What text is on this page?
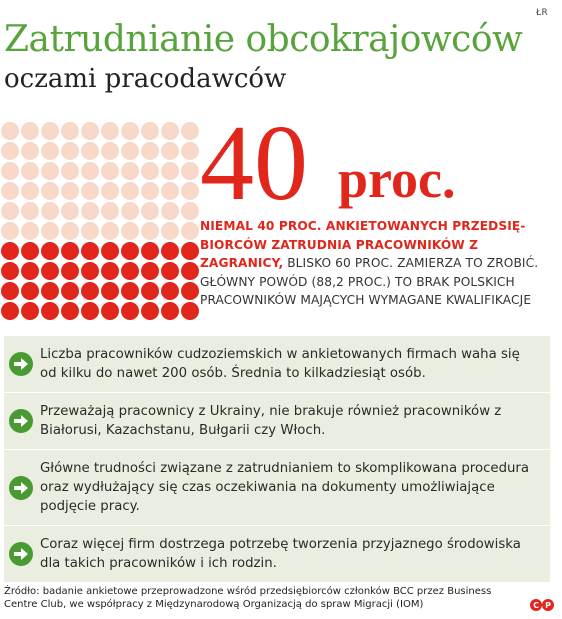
ŁR
Zatrudnianie obcokrajowców
oczami pracodawców
40 proc.
NIEMAL 40 PROC. ANKIETOWANYCH PRZEDSIĘ-BIORCÓW ZATRUDNIA PRACOWNIKÓW Z ZAGRANICY, BLISKO 60 PROC. ZAMIERZA TO ZROBIĆ. GŁÓWNY POWÓD (88,2 PROC.) TO BRAK POLSKICH PRACOWNIKÓW MAJĄCYCH WYMAGANE KWALIFIKACJE
Liczba pracowników cudzoziemskich w ankietowanych firmach waha się od kilku do nawet 200 osób. Średnia to kilkadziesiąt osób.
Przeważają pracownicy z Ukrainy, nie brakuje również pracowników z Białorusi, Kazachstanu, Bułgarii czy Włoch.
Główne trudności związane z zatrudnianiem to skomplikowana procedura oraz wydłużający się czas oczekiwania na dokumenty umożliwiające podjęcie pracy.
Coraz więcej firm dostrzega potrzebę tworzenia przyjaznego środowiska dla takich pracowników i ich rodzin.
Źródło: badanie ankietowe przeprowadzone wśród przedsiębiorców członków BCC przez Business Centre Club, we współpracy z Międzynarodową Organizacją do spraw Migracji (IOM)	C P
